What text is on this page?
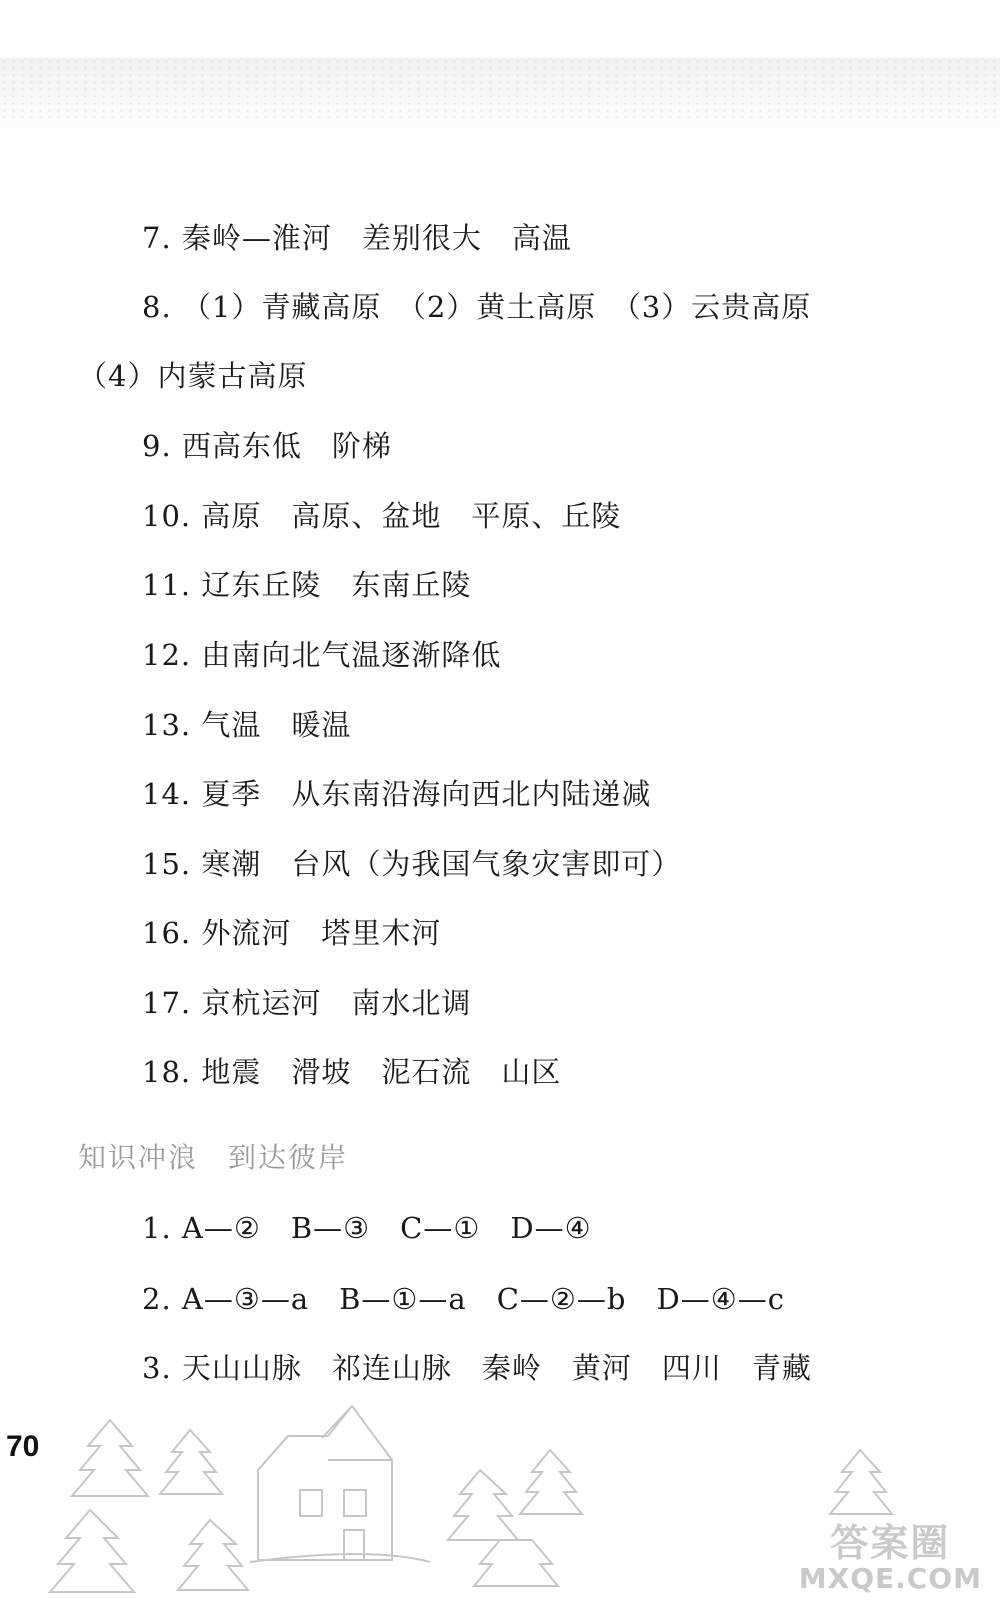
7. 秦岭—淮河　差别很大　高温
8. （1）青藏高原　（2）黄土高原　（3）云贵高原
（4）内蒙古高原
9. 西高东低　阶梯
10. 高原　高原、盆地　平原、丘陵
11. 辽东丘陵　东南丘陵
12. 由南向北气温逐渐降低
13. 气温　暖温
14. 夏季　从东南沿海向西北内陆递减
15. 寒潮　台风（为我国气象灾害即可）
16. 外流河　塔里木河
17. 京杭运河　南水北调
18. 地震　滑坡　泥石流　山区
知识冲浪　到达彼岸
1. A—②　B—③　C—①　D—④
2. A—③—a　B—①—a　C—②—b　D—④—c
3. 天山山脉　祁连山脉　秦岭　黄河　四川　青藏
70
答案圈
MXQE.COM
